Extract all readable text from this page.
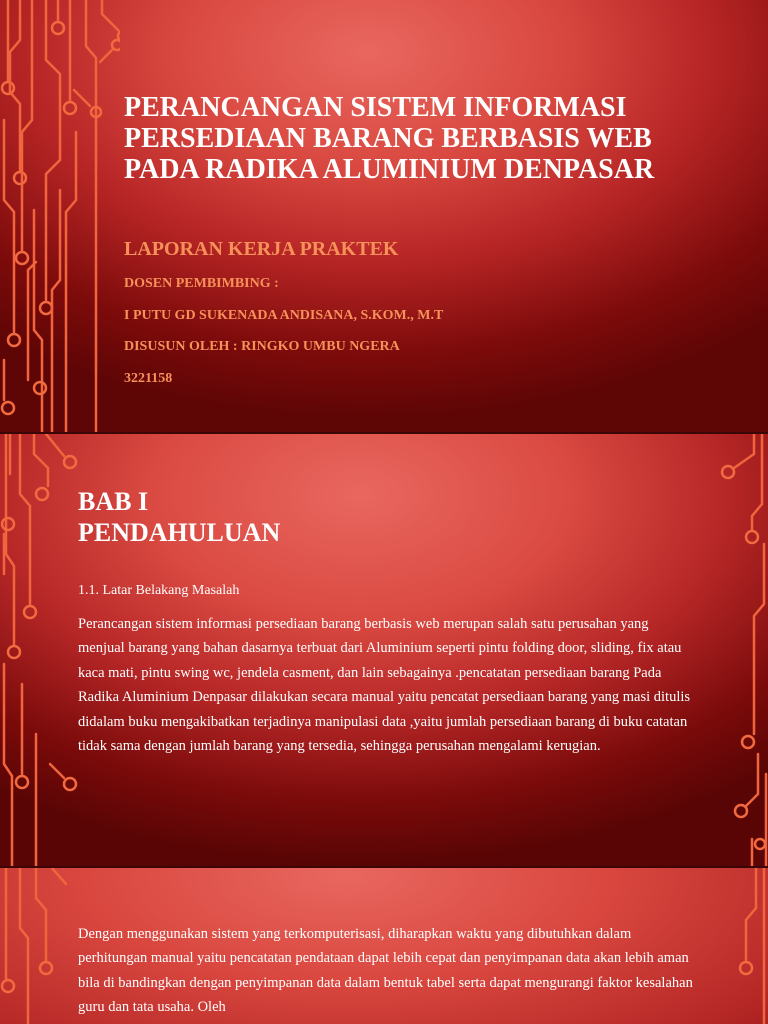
PERANCANGAN SISTEM INFORMASI PERSEDIAAN BARANG BERBASIS WEB PADA RADIKA ALUMINIUM DENPASAR
LAPORAN KERJA PRAKTEK

DOSEN PEMBIMBING :

I PUTU GD SUKENADA ANDISANA, S.KOM., M.T

DISUSUN OLEH : RINGKO UMBU NGERA

3221158

BAB I
PENDAHULUAN

1.1. Latar Belakang Masalah

Perancangan sistem informasi persediaan barang berbasis web merupan salah satu perusahan yang menjual barang yang bahan dasarnya terbuat dari Aluminium seperti pintu folding door, sliding, fix atau kaca mati, pintu swing wc, jendela casment, dan lain sebagainya .pencatatan persediaan barang Pada Radika Aluminium Denpasar dilakukan secara manual yaitu pencatat persediaan barang yang masi ditulis didalam buku mengakibatkan terjadinya manipulasi data ,yaitu jumlah persediaan barang di buku catatan tidak sama dengan jumlah barang yang tersedia, sehingga perusahan mengalami kerugian.

Dengan menggunakan sistem yang terkomputerisasi, diharapkan waktu yang dibutuhkan dalam perhitungan manual yaitu pencatatan pendataan dapat lebih cepat dan penyimpanan data akan lebih aman bila di bandingkan dengan penyimpanan data dalam bentuk tabel serta dapat mengurangi faktor kesalahan guru dan tata usaha. Oleh
